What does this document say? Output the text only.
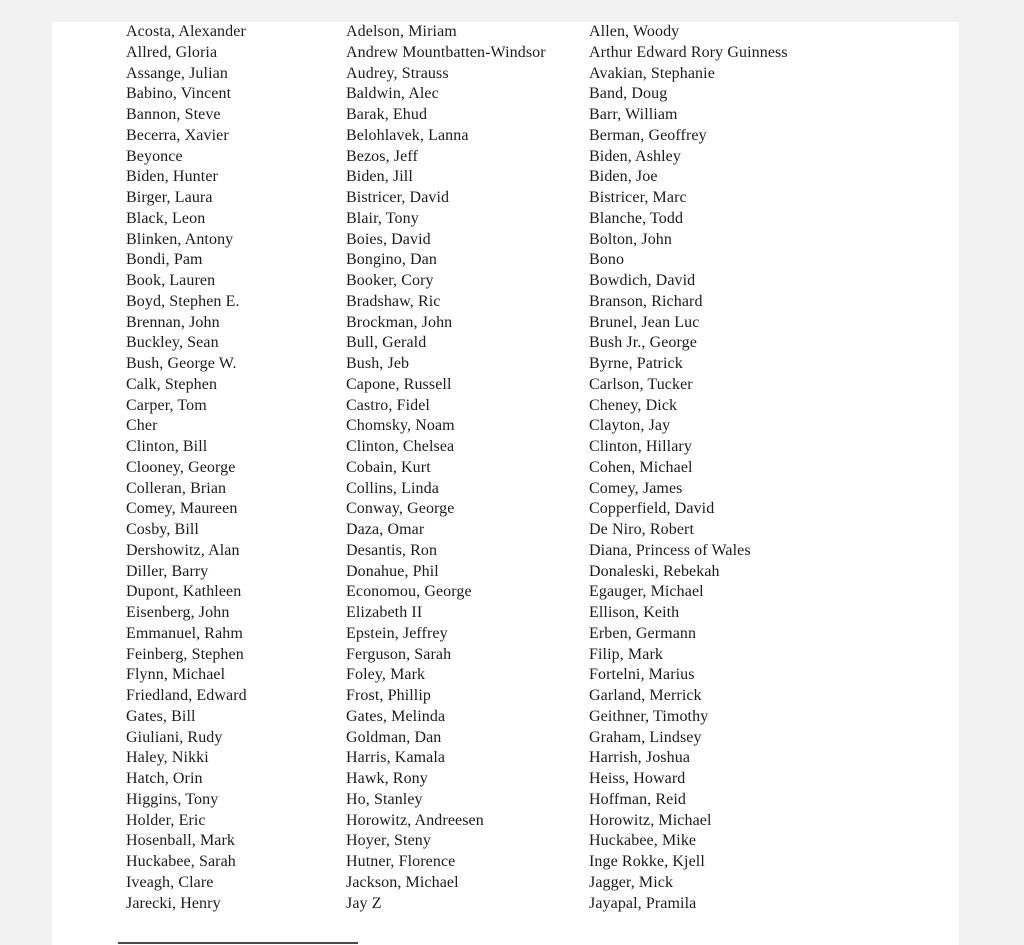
Acosta, Alexander
Allred, Gloria
Assange, Julian
Babino, Vincent
Bannon, Steve
Becerra, Xavier
Beyonce
Biden, Hunter
Birger, Laura
Black, Leon
Blinken, Antony
Bondi, Pam
Book, Lauren
Boyd, Stephen E.
Brennan, John
Buckley, Sean
Bush, George W.
Calk, Stephen
Carper, Tom
Cher
Clinton, Bill
Clooney, George
Colleran, Brian
Comey, Maureen
Cosby, Bill
Dershowitz, Alan
Diller, Barry
Dupont, Kathleen
Eisenberg, John
Emmanuel, Rahm
Feinberg, Stephen
Flynn, Michael
Friedland, Edward
Gates, Bill
Giuliani, Rudy
Haley, Nikki
Hatch, Orin
Higgins, Tony
Holder, Eric
Hosenball, Mark
Huckabee, Sarah
Iveagh, Clare
Jarecki, Henry
Adelson, Miriam
Andrew Mountbatten-Windsor
Audrey, Strauss
Baldwin, Alec
Barak, Ehud
Belohlavek, Lanna
Bezos, Jeff
Biden, Jill
Bistricer, David
Blair, Tony
Boies, David
Bongino, Dan
Booker, Cory
Bradshaw, Ric
Brockman, John
Bull, Gerald
Bush, Jeb
Capone, Russell
Castro, Fidel
Chomsky, Noam
Clinton, Chelsea
Cobain, Kurt
Collins, Linda
Conway, George
Daza, Omar
Desantis, Ron
Donahue, Phil
Economou, George
Elizabeth II
Epstein, Jeffrey
Ferguson, Sarah
Foley, Mark
Frost, Phillip
Gates, Melinda
Goldman, Dan
Harris, Kamala
Hawk, Rony
Ho, Stanley
Horowitz, Andreesen
Hoyer, Steny
Hutner, Florence
Jackson, Michael
Jay Z
Allen, Woody
Arthur Edward Rory Guinness
Avakian, Stephanie
Band, Doug
Barr, William
Berman, Geoffrey
Biden, Ashley
Biden, Joe
Bistricer, Marc
Blanche, Todd
Bolton, John
Bono
Bowdich, David
Branson, Richard
Brunel, Jean Luc
Bush Jr., George
Byrne, Patrick
Carlson, Tucker
Cheney, Dick
Clayton, Jay
Clinton, Hillary
Cohen, Michael
Comey, James
Copperfield, David
De Niro, Robert
Diana, Princess of Wales
Donaleski, Rebekah
Egauger, Michael
Ellison, Keith
Erben, Germann
Filip, Mark
Fortelni, Marius
Garland, Merrick
Geithner, Timothy
Graham, Lindsey
Harrish, Joshua
Heiss, Howard
Hoffman, Reid
Horowitz, Michael
Huckabee, Mike
Inge Rokke, Kjell
Jagger, Mick
Jayapal, Pramila
